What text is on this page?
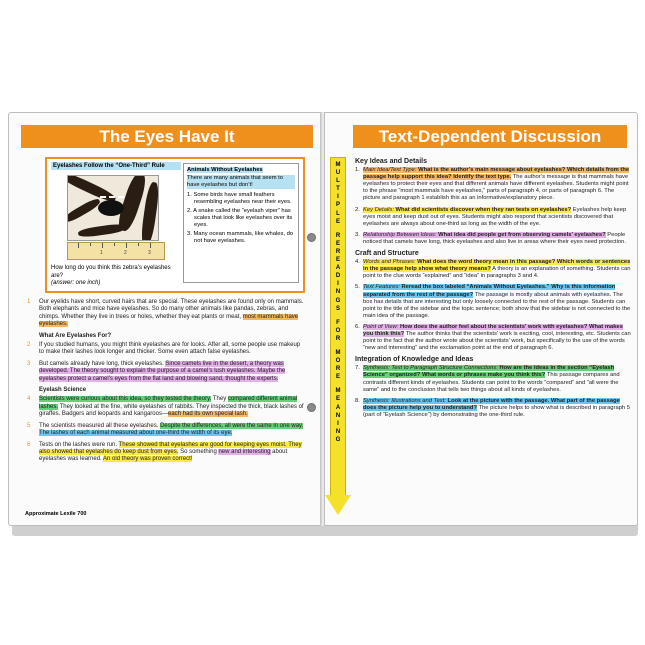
The Eyes Have It
Eyelashes Follow the “One-Third” Rule
1	2	3
How long do you think this zebra’s eyelashes are?
(answer: one inch)
Animals Without Eyelashes
There are many animals that seem to have eyelashes but don’t!
1. Some birds have small feathers resembling eyelashes near their eyes.
2. A snake called the “eyelash viper” has scales that look like eyelashes over its eyes.
3. Many ocean mammals, like whales, do not have eyelashes.
1 Our eyelids have short, curved hairs that are special. These eyelashes are found only on mammals. Both elephants and mice have eyelashes. So do many other animals like pandas, zebras, and chimps. Whether they live in trees or holes, whether they eat plants or meat, most mammals have eyelashes.
What Are Eyelashes For?
2 If you studied humans, you might think eyelashes are for looks. After all, some people use makeup to make their lashes look longer and thicker. Some even attach false eyelashes.
3 But camels already have long, thick eyelashes. Since camels live in the desert, a theory was developed. The theory sought to explain the purpose of a camel’s lush eyelashes. Maybe the eyelashes protect a camel’s eyes from the flat land and blowing sand, thought the experts.
Eyelash Science
4 Scientists were curious about this idea, so they tested the theory. They compared different animal lashes. They looked at the fine, white eyelashes of rabbits. They inspected the thick, black lashes of giraffes. Badgers and leopards and kangaroos—each had its own special lash.
5 The scientists measured all these eyelashes. Despite the differences, all were the same in one way. The lashes of each animal measured about one-third the width of its eye.
6 Tests on the lashes were run. These showed that eyelashes are good for keeping eyes moist. They also showed that eyelashes do keep dust from eyes. So something new and interesting about eyelashes was learned. An old theory was proven correct!
Approximate Lexile 700
Text-Dependent Discussion
M
U
L
T
I
P
L
E
R
E
R
E
A
D
I
N
G
S
F
O
R
M
O
R
E
M
E
A
N
I
N
G
Key Ideas and Details
1. Main Idea/Text Type: What is the author’s main message about eyelashes? Which details from the passage help support this idea? Identify the text type. The author’s message is that mammals have eyelashes to protect their eyes and that different animals have different eyelashes. Students might point to the phrase “most mammals have eyelashes,” parts of paragraph 4, or parts of paragraph 6. The picture and paragraph 1 establish this as an informative/explanatory piece.
2. Key Details: What did scientists discover when they ran tests on eyelashes? Eyelashes help keep eyes moist and keep dust out of eyes. Students might also respond that scientists discovered that eyelashes are always about one-third as long as the width of the eye.
3. Relationship Between Ideas: What idea did people get from observing camels’ eyelashes? People noticed that camels have long, thick eyelashes and also live in areas where their eyes need protection.
Craft and Structure
4. Words and Phrases: What does the word theory mean in this passage? Which words or sentences in the passage help show what theory means? A theory is an explanation of something. Students can point to the clue words “explained” and “idea” in paragraphs 3 and 4.
5. Text Features: Reread the box labeled “Animals Without Eyelashes.” Why is this information separated from the rest of the passage? The passage is mostly about animals with eyelashes. The box has details that are interesting but only loosely connected to the rest of the passage. Students can point to the title of the sidebar and the topic sentence; both show that the sidebar is not connected to the main idea of the passage.
6. Point of View: How does the author feel about the scientists’ work with eyelashes? What makes you think this? The author thinks that the scientists’ work is exciting, cool, interesting, etc. Students can point to the fact that the author wrote about the scientists’ work, but specifically to the use of the words “new and interesting” and the exclamation point at the end of paragraph 6.
Integration of Knowledge and Ideas
7. Synthesis: Text to Paragraph Structure Connections: How are the ideas in the section “Eyelash Science” organized? What words or phrases make you think this? This passage compares and contrasts different kinds of eyelashes. Students can point to the words “compared” and “all were the same” and to the conclusion that tells two things about all kinds of eyelashes.
8. Synthesis: Illustrations and Text: Look at the picture with the passage. What part of the passage does the picture help you to understand? The picture helps to show what is described in paragraph 5 (part of “Eyelash Science”) by demonstrating the one-third rule.
